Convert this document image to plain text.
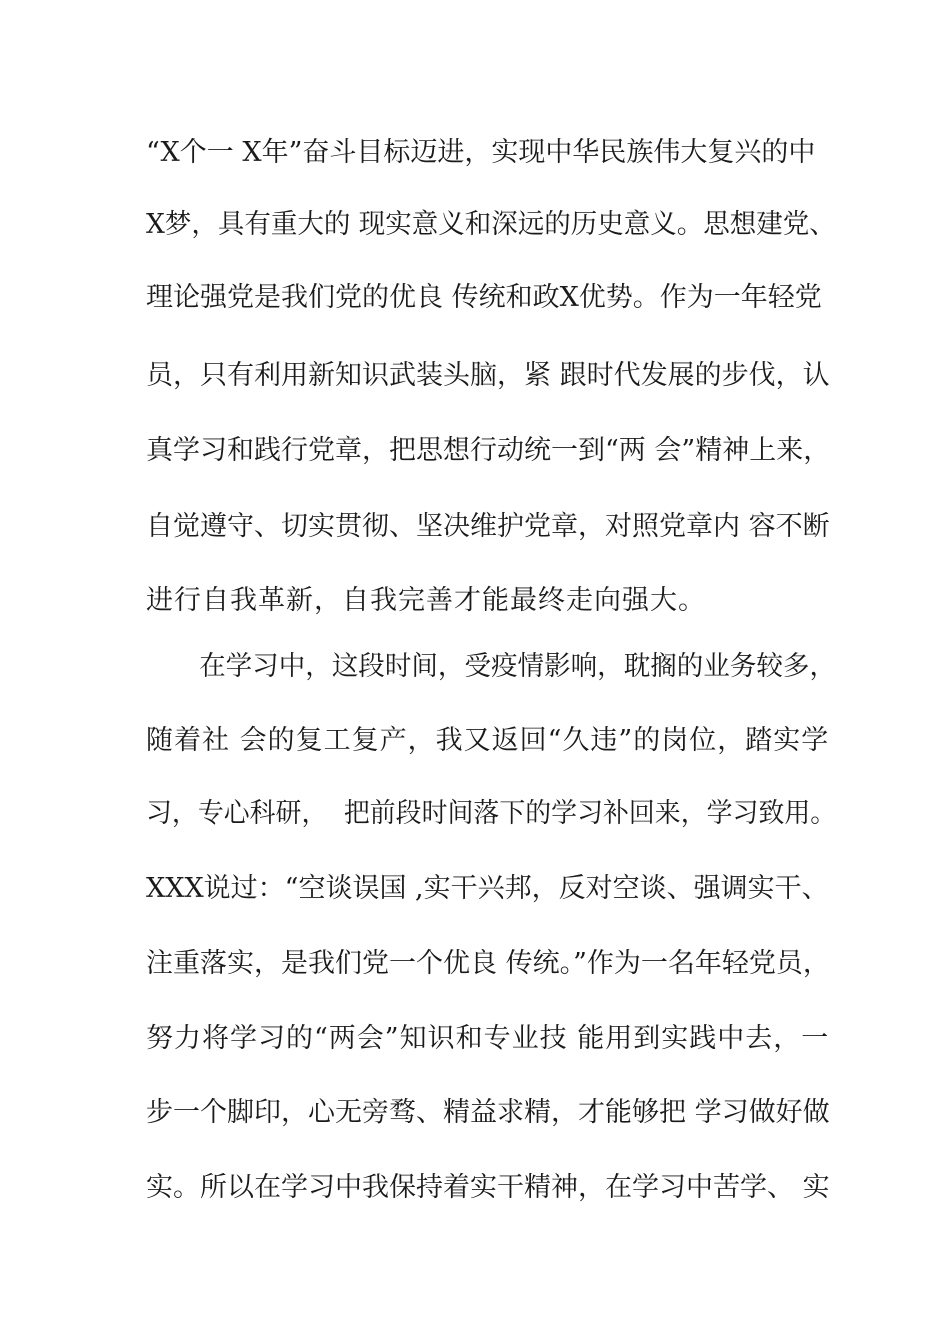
“X个一 X年”奋斗目标迈进，实现中华民族伟大复兴的中

X梦，具有重大的 现实意义和深远的历史意义。思想建党、

理论强党是我们党的优良 传统和政X优势。作为一年轻党

员，只有利用新知识武装头脑，紧 跟时代发展的步伐，认

真学习和践行党章，把思想行动统一到“两 会”精神上来，

自觉遵守、切实贯彻、坚决维护党章，对照党章内 容不断

进行自我革新，自我完善才能最终走向强大。

　　在学习中，这段时间，受疫情影响，耽搁的业务较多，

随着社 会的复工复产，我又返回“久违”的岗位，踏实学

习，专心科研，  把前段时间落下的学习补回来，学习致用。

XXX说过：“空谈误国 ,实干兴邦，反对空谈、强调实干、

注重落实，是我们党一个优良 传统。”作为一名年轻党员，

努力将学习的“两会”知识和专业技 能用到实践中去，一

步一个脚印，心无旁骛、精益求精，才能够把 学习做好做

实。所以在学习中我保持着实干精神，在学习中苦学、 实
